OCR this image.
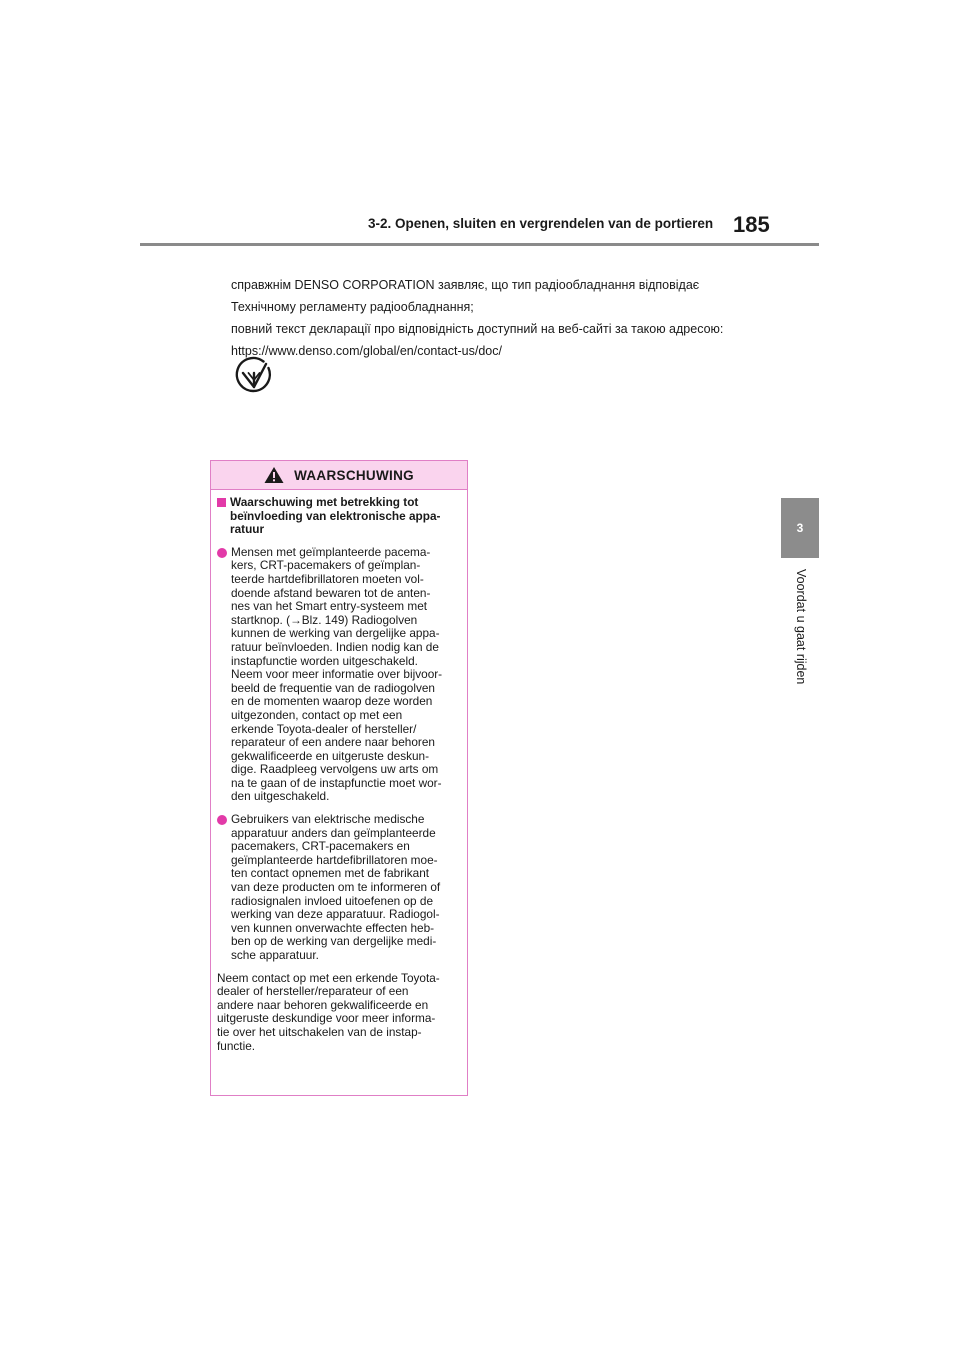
3-2. Openen, sluiten en vergrendelen van de portieren 185
3
Voordat u gaat rijden

справжнім DENSO CORPORATION заявляє, що тип радіообладнання відповідає

Технічному регламенту радіообладнання;

повний текст декларації про відповідність доступний на веб-сайті за такою адресою:

https://www.denso.com/global/en/contact-us/doc/

WAARSCHUWING

Waarschuwing met betrekking tot
beïnvloeding van elektronische appa-
ratuur

Mensen met geïmplanteerde pacema-
kers, CRT-pacemakers of geïmplan-
teerde hartdefibrillatoren moeten vol-
doende afstand bewaren tot de anten-
nes van het Smart entry-systeem met
startknop. (→Blz. 149) Radiogolven
kunnen de werking van dergelijke appa-
ratuur beïnvloeden. Indien nodig kan de
instapfunctie worden uitgeschakeld.
Neem voor meer informatie over bijvoor-
beeld de frequentie van de radiogolven
en de momenten waarop deze worden
uitgezonden, contact op met een
erkende Toyota-dealer of hersteller/
reparateur of een andere naar behoren
gekwalificeerde en uitgeruste deskun-
dige. Raadpleeg vervolgens uw arts om
na te gaan of de instapfunctie moet wor-
den uitgeschakeld.

Gebruikers van elektrische medische
apparatuur anders dan geïmplanteerde
pacemakers, CRT-pacemakers en
geïmplanteerde hartdefibrillatoren moe-
ten contact opnemen met de fabrikant
van deze producten om te informeren of
radiosignalen invloed uitoefenen op de
werking van deze apparatuur. Radiogol-
ven kunnen onverwachte effecten heb-
ben op de werking van dergelijke medi-
sche apparatuur.

Neem contact op met een erkende Toyota-
dealer of hersteller/reparateur of een
andere naar behoren gekwalificeerde en
uitgeruste deskundige voor meer informa-
tie over het uitschakelen van de instap-
functie.
